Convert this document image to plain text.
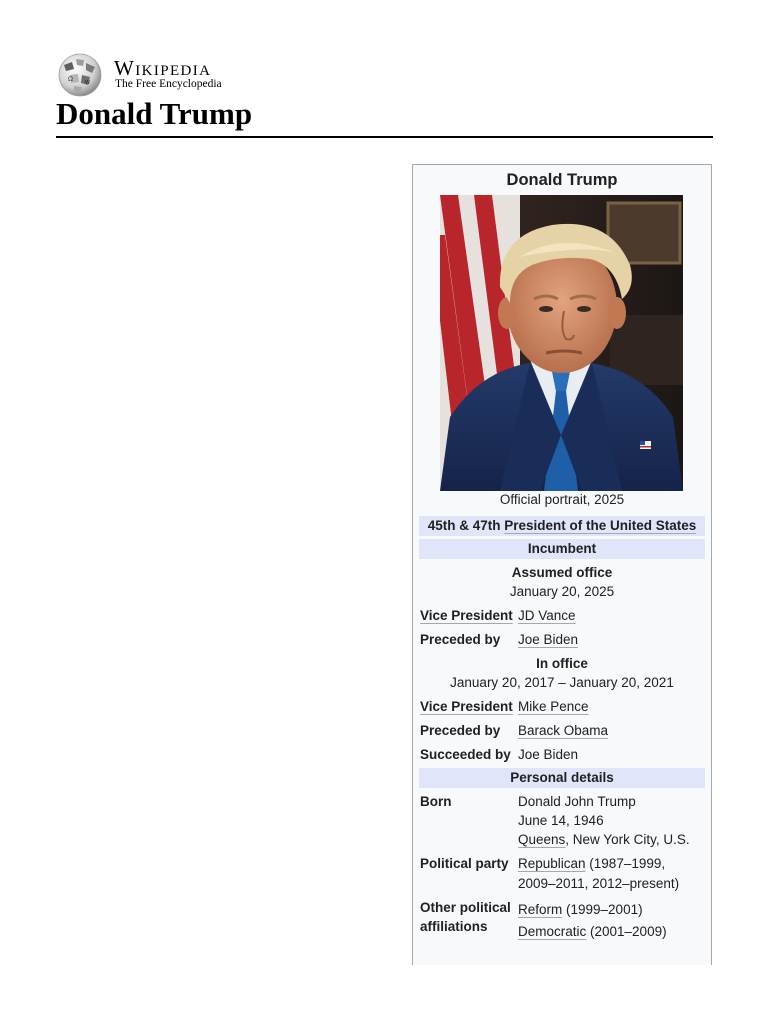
Ω W
Wikipedia
The Free Encyclopedia
Donald Trump
Donald Trump
Official portrait, 2025
45th & 47th President of the United States
Incumbent
Assumed office
January 20, 2025
Vice President JD Vance
Preceded by	Joe Biden
In office
January 20, 2017 – January 20, 2021
Vice President Mike Pence
Preceded by	Barack Obama
Succeeded by Joe Biden
Personal details
Born	Donald John Trump
June 14, 1946
Queens, New York City, U.S.
Political party Republican (1987–1999,
2009–2011, 2012–present)
Other political
affiliations
Reform (1999–2001)
Democratic (2001–2009)
